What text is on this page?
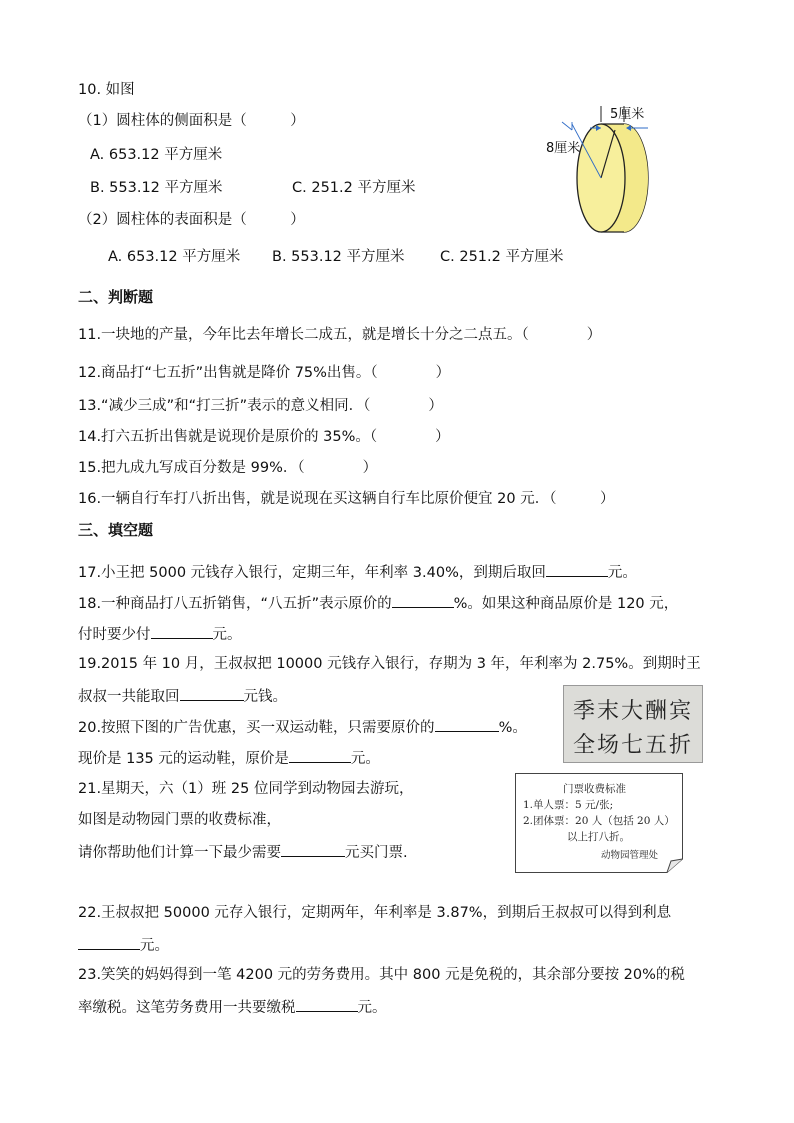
10. 如图
（1）圆柱体的侧面积是（　　　）
A. 653.12 平方厘米
B. 553.12 平方厘米	C. 251.2 平方厘米
（2）圆柱体的表面积是（　　　）
A. 653.12 平方厘米 B. 553.12 平方厘米 C. 251.2 平方厘米
5厘米
8厘米
二、判断题
11.一块地的产量，今年比去年增长二成五，就是增长十分之二点五。（　　　　）
12.商品打“七五折”出售就是降价 75%出售。（　　　　）
13.“减少三成”和“打三折”表示的意义相同．（　　　　）
14.打六五折出售就是说现价是原价的 35%。（　　　　）
15.把九成九写成百分数是 99%．（　　　　）
16.一辆自行车打八折出售，就是说现在买这辆自行车比原价便宜 20 元．（　　　）
三、填空题
17.小王把 5000 元钱存入银行，定期三年，年利率 3.40%，到期后取回	元。
18.一种商品打八五折销售，“八五折”表示原价的	%。如果这种商品原价是 120 元，
付时要少付	元。
19.2015 年 10 月，王叔叔把 10000 元钱存入银行，存期为 3 年，年利率为 2.75%。到期时王
叔叔一共能取回	元钱。
20.按照下图的广告优惠，买一双运动鞋，只需要原价的	%。
现价是 135 元的运动鞋，原价是	元。
季末大酬宾
全场七五折
21.星期天，六（1）班 25 位同学到动物园去游玩，
如图是动物园门票的收费标准，
请你帮助他们计算一下最少需要	元买门票.
门票收费标准
1.单人票：5 元/张;
2.团体票：20 人（包括 20 人）
以上打八折。
动物园管理处
22.王叔叔把 50000 元存入银行，定期两年，年利率是 3.87%，到期后王叔叔可以得到利息
元。
23.笑笑的妈妈得到一笔 4200 元的劳务费用。其中 800 元是免税的，其余部分要按 20%的税
率缴税。这笔劳务费用一共要缴税	元。
